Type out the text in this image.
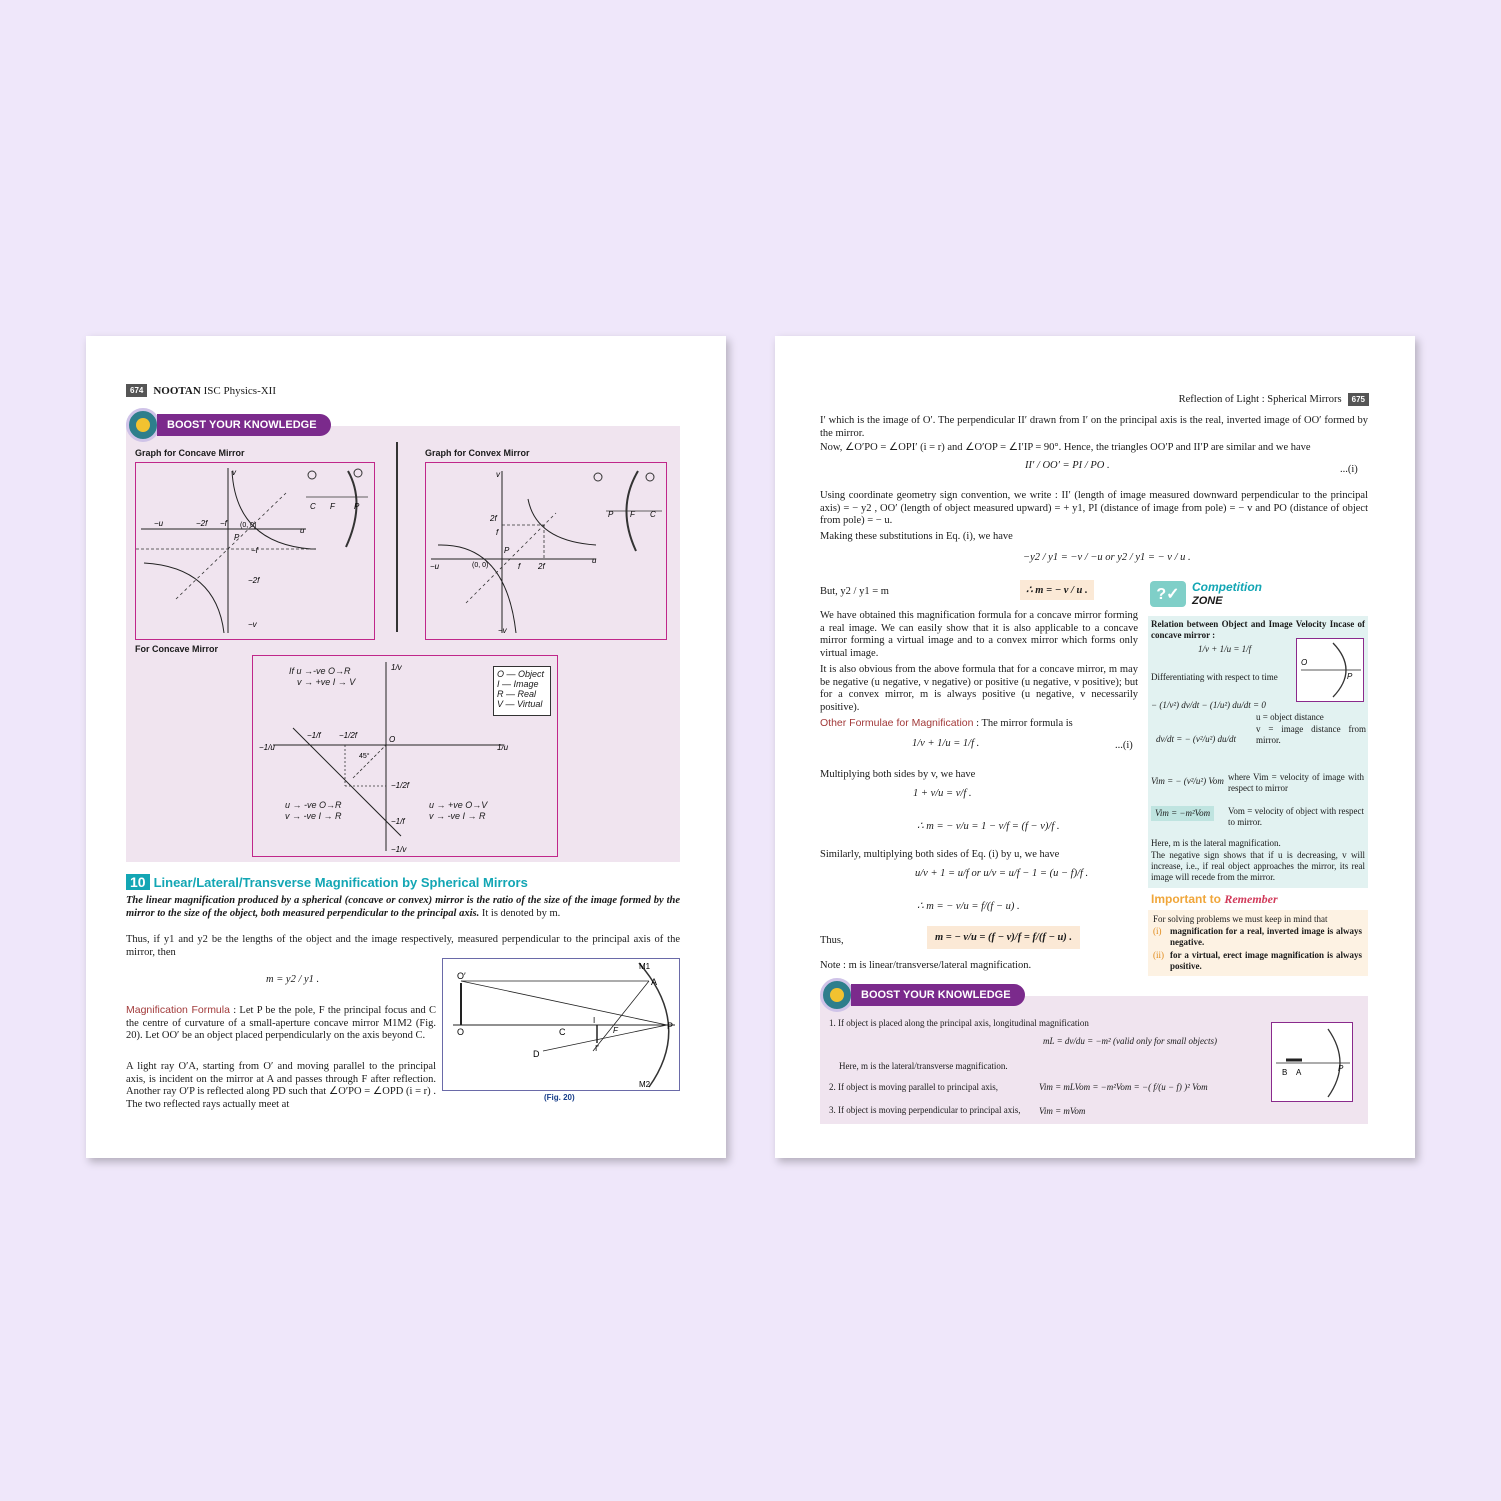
674 NOOTAN ISC Physics-XII
BOOST YOUR KNOWLEDGE
Graph for Concave Mirror	Graph for Convex Mirror
C F P
v
u
−u	−2f −f (0, 0)
P
−f
−2f
−v
P F C
v
u
−u
2f
f
P
(0, 0)	f 2f
−v
For Concave Mirror
−1/u	1/u
1/v
−1/f −1/2f	O
45°
−1/2f
−1/f
−1/v
If u →-ve O→R
v → +ve I → V
u → -ve O→R
v → -ve I → R
u → +ve O→V
v → -ve I → R
O — Object
I — Image
R — Real
V — Virtual
10 Linear/Lateral/Transverse Magnification by Spherical Mirrors
The linear magnification produced by a spherical (concave or convex) mirror is the ratio of the size of the image formed by the mirror to the size of the object, both measured perpendicular to the principal axis. It is denoted by m.
Thus, if y1 and y2 be the lengths of the object and the image respectively, measured perpendicular to the principal axis of the mirror, then
m = y2 / y1 .
Magnification Formula : Let P be the pole, F the principal focus and C the centre of curvature of a small-aperture concave mirror M1M2 (Fig. 20). Let OO′ be an object placed perpendicularly on the axis beyond C.
A light ray O′A, starting from O′ and moving parallel to the principal axis, is incident on the mirror at A and passes through F after reflection. Another ray O′P is reflected along PD such that ∠O′PO = ∠OPD (i = r) . The two reflected rays actually meet at
O′
O	C	F
I′
I
P
A
D
M1
M2
(Fig. 20)
Reflection of Light : Spherical Mirrors	675
I′ which is the image of O′. The perpendicular II′ drawn from I′ on the principal axis is the real, inverted image of OO′ formed by the mirror.
Now, ∠O′PO = ∠OPI′ (i = r) and ∠O′OP = ∠I′IP = 90°. Hence, the triangles OO′P and II′P are similar and we have
II′ / OO′ = PI / PO .	...(i)
Using coordinate geometry sign convention, we write : II′ (length of image measured downward perpendicular to the principal axis) = − y2 , OO′ (length of object measured upward) = + y1, PI (distance of image from pole) = − v and PO (distance of object from pole) = − u.
Making these substitutions in Eq. (i), we have
−y2 / y1 = −v / −u or y2 / y1 = − v / u .
But, y2 / y1 = m	∴ m = − v / u .
We have obtained this magnification formula for a concave mirror forming a real image. We can easily show that it is also applicable to a concave mirror forming a virtual image and to a convex mirror which forms only virtual image.
It is also obvious from the above formula that for a concave mirror, m may be negative (u negative, v negative) or positive (u negative, v positive); but for a convex mirror, m is always positive (u negative, v necessarily positive).
Other Formulae for Magnification : The mirror formula is
1/v + 1/u = 1/f .	...(i)
Multiplying both sides by v, we have
1 + v/u = v/f .
∴ m = − v/u = 1 − v/f = (f − v)/f .
Similarly, multiplying both sides of Eq. (i) by u, we have
u/v + 1 = u/f or u/v = u/f − 1 = (u − f)/f .
∴ m = − v/u = f/(f − u) .
Thus,	m = − v/u = (f − v)/f = f/(f − u) .
Note : m is linear/transverse/lateral magnification.
?✓	Competition
ZONE
Relation between Object and Image Velocity Incase of concave mirror :
1/v + 1/u = 1/f
Differentiating with respect to time
O
P
− (1/v²) dv/dt − (1/u²) du/dt = 0
dv/dt = − (v²/u²) du/dt
u = object distance
v = image distance from mirror.
Vim = − (v²/u²) Vom where Vim = velocity of image with respect to mirror
Vim = −m²Vom	Vom = velocity of object with respect to mirror.
Here, m is the lateral magnification.
The negative sign shows that if u is decreasing, v will increase, i.e., if real object approaches the mirror, its real image will recede from the mirror.
Important to Remember
For solving problems we must keep in mind that
(i) magnification for a real, inverted image is always negative.
(ii) for a virtual, erect image magnification is always positive.
BOOST YOUR KNOWLEDGE
1. If object is placed along the principal axis, longitudinal magnification
mL = dv/du = −m² (valid only for small objects)
Here, m is the lateral/transverse magnification.
2. If object is moving parallel to principal axis,	Vim = mLVom = −m²Vom = −( f/(u − f) )² Vom
3. If object is moving perpendicular to principal axis, Vim = mVom
B A	P
